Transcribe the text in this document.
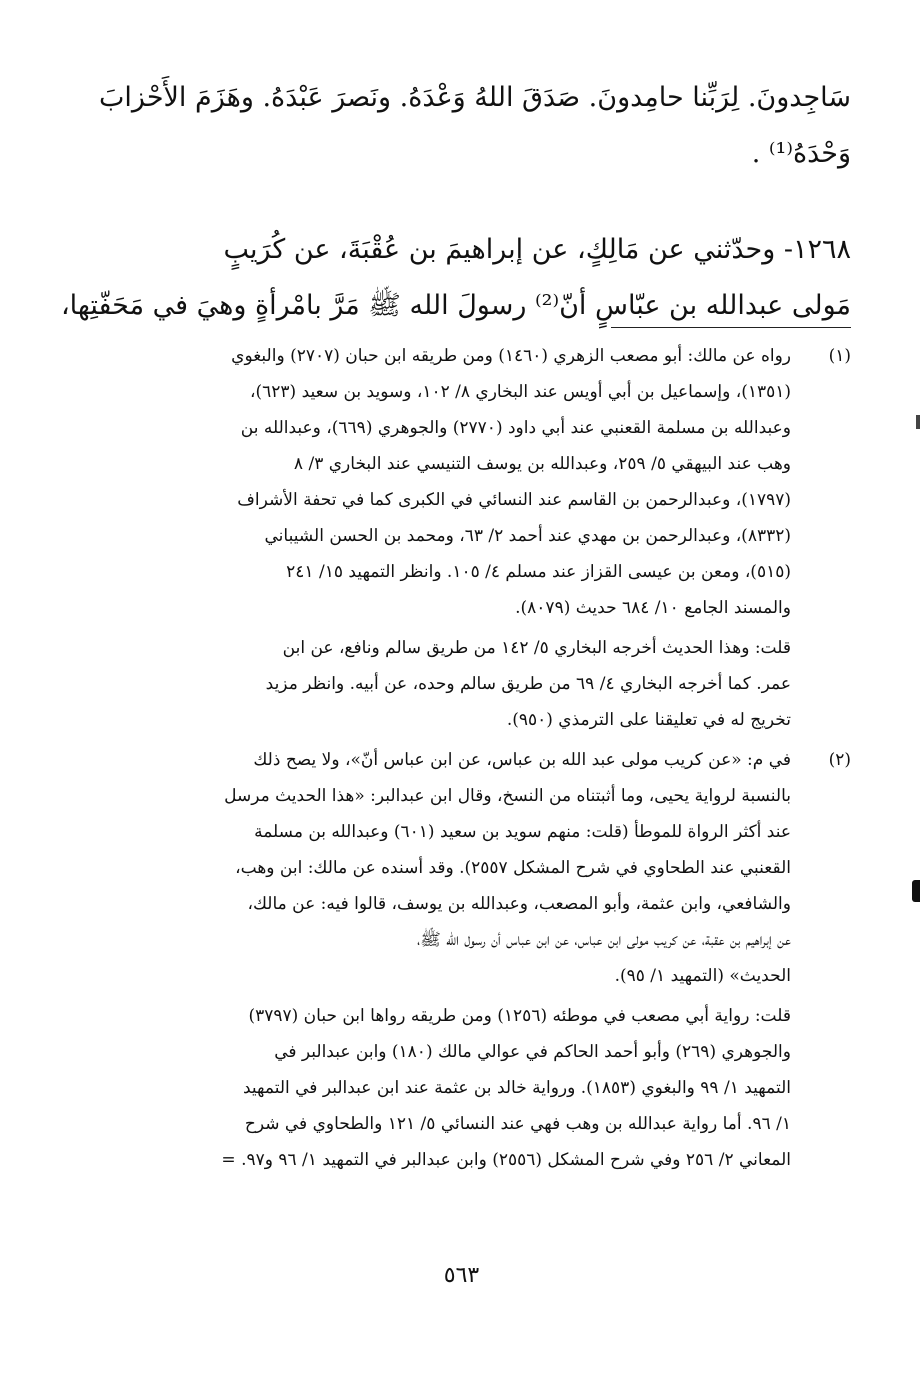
سَاجِدونَ. لِرَبِّنا حامِدونَ. صَدَقَ اللهُ وَعْدَهُ. ونَصرَ عَبْدَهُ. وهَزَمَ الأَحْزابَ
وَحْدَهُ⁽¹⁾ .
١٢٦٨- وحدّثني عن مَالِكٍ، عن إبراهيمَ بن عُقْبَةَ، عن كُرَيبٍ
مَولى عبدالله بن عبّاسٍ أنّ⁽²⁾ رسولَ الله ﷺ مَرَّ بامْرأةٍ وهيَ في مَحَفّتِها،
(١)
رواه عن مالك: أبو مصعب الزهري (١٤٦٠) ومن طريقه ابن حبان (٢٧٠٧) والبغوي
(١٣٥١)، وإسماعيل بن أبي أويس عند البخاري ٨/ ١٠٢، وسويد بن سعيد (٦٢٣)،
وعبدالله بن مسلمة القعنبي عند أبي داود (٢٧٧٠) والجوهري (٦٦٩)، وعبدالله بن
وهب عند البيهقي ٥/ ٢٥٩، وعبدالله بن يوسف التنيسي عند البخاري ٣/ ٨
(١٧٩٧)، وعبدالرحمن بن القاسم عند النسائي في الكبرى كما في تحفة الأشراف
(٨٣٣٢)، وعبدالرحمن بن مهدي عند أحمد ٢/ ٦٣، ومحمد بن الحسن الشيباني
(٥١٥)، ومعن بن عيسى القزاز عند مسلم ٤/ ١٠٥. وانظر التمهيد ١٥/ ٢٤١
والمسند الجامع ١٠/ ٦٨٤ حديث (٨٠٧٩).
قلت: وهذا الحديث أخرجه البخاري ٥/ ١٤٢ من طريق سالم ونافع، عن ابن
عمر. كما أخرجه البخاري ٤/ ٦٩ من طريق سالم وحده، عن أبيه. وانظر مزيد
تخريج له في تعليقنا على الترمذي (٩٥٠).
(٢)
في م: «عن كريب مولى عبد الله بن عباس، عن ابن عباس أنّ»، ولا يصح ذلك
بالنسبة لرواية يحيى، وما أثبتناه من النسخ، وقال ابن عبدالبر: «هذا الحديث مرسل
عند أكثر الرواة للموطأ (قلت: منهم سويد بن سعيد (٦٠١) وعبدالله بن مسلمة
القعنبي عند الطحاوي في شرح المشكل ٢٥٥٧). وقد أسنده عن مالك: ابن وهب،
والشافعي، وابن عثمة، وأبو المصعب، وعبدالله بن يوسف، قالوا فيه: عن مالك،
عن إبراهيم بن عقبة، عن كريب مولى ابن عباس، عن ابن عباس أن رسول الله ﷺ،
الحديث» (التمهيد ١/ ٩٥).
قلت: رواية أبي مصعب في موطئه (١٢٥٦) ومن طريقه رواها ابن حبان (٣٧٩٧)
والجوهري (٢٦٩) وأبو أحمد الحاكم في عوالي مالك (١٨٠) وابن عبدالبر في
التمهيد ١/ ٩٩ والبغوي (١٨٥٣). ورواية خالد بن عثمة عند ابن عبدالبر في التمهيد
١/ ٩٦. أما رواية عبدالله بن وهب فهي عند النسائي ٥/ ١٢١ والطحاوي في شرح
المعاني ٢/ ٢٥٦ وفي شرح المشكل (٢٥٥٦) وابن عبدالبر في التمهيد ١/ ٩٦ و٩٧. =
٥٦٣
